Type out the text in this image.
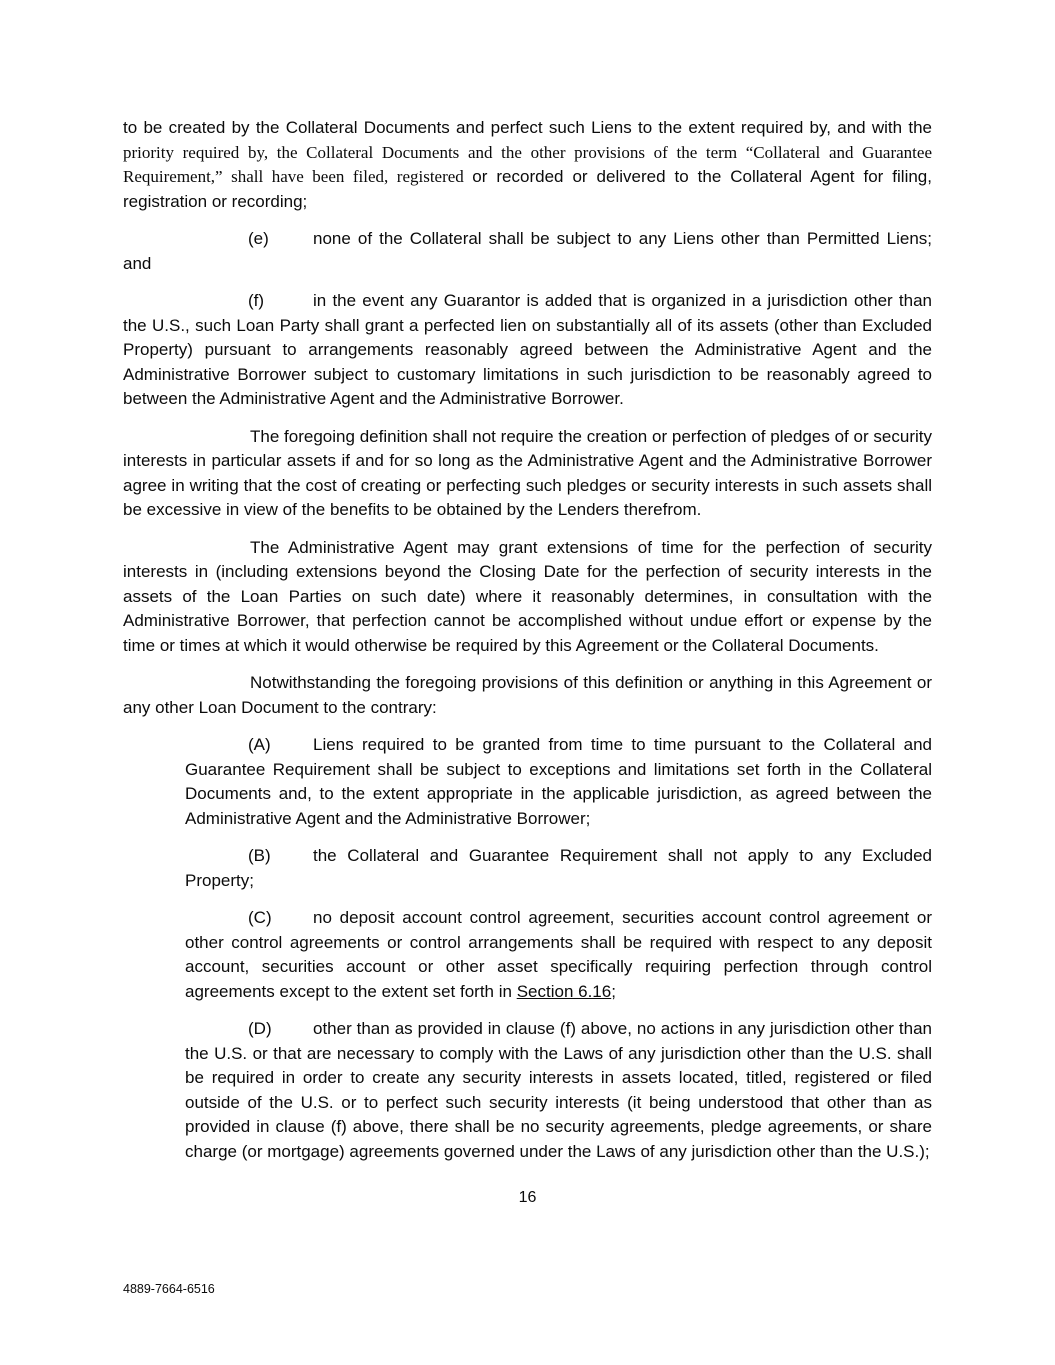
to be created by the Collateral Documents and perfect such Liens to the extent required by, and with the priority required by, the Collateral Documents and the other provisions of the term “Collateral and Guarantee Requirement,” shall have been filed, registered or recorded or delivered to the Collateral Agent for filing, registration or recording;

(e)	none of the Collateral shall be subject to any Liens other than Permitted Liens; and

(f)	in the event any Guarantor is added that is organized in a jurisdiction other than the U.S., such Loan Party shall grant a perfected lien on substantially all of its assets (other than Excluded Property) pursuant to arrangements reasonably agreed between the Administrative Agent and the Administrative Borrower subject to customary limitations in such jurisdiction to be reasonably agreed to between the Administrative Agent and the Administrative Borrower.

The foregoing definition shall not require the creation or perfection of pledges of or security interests in particular assets if and for so long as the Administrative Agent and the Administrative Borrower agree in writing that the cost of creating or perfecting such pledges or security interests in such assets shall be excessive in view of the benefits to be obtained by the Lenders therefrom.

The Administrative Agent may grant extensions of time for the perfection of security interests in (including extensions beyond the Closing Date for the perfection of security interests in the assets of the Loan Parties on such date) where it reasonably determines, in consultation with the Administrative Borrower, that perfection cannot be accomplished without undue effort or expense by the time or times at which it would otherwise be required by this Agreement or the Collateral Documents.

Notwithstanding the foregoing provisions of this definition or anything in this Agreement or any other Loan Document to the contrary:

(A) Liens required to be granted from time to time pursuant to the Collateral and Guarantee Requirement shall be subject to exceptions and limitations set forth in the Collateral Documents and, to the extent appropriate in the applicable jurisdiction, as agreed between the Administrative Agent and the Administrative Borrower;

(B) the Collateral and Guarantee Requirement shall not apply to any Excluded Property;

(C) no deposit account control agreement, securities account control agreement or other control agreements or control arrangements shall be required with respect to any deposit account, securities account or other asset specifically requiring perfection through control agreements except to the extent set forth in Section 6.16;

(D) other than as provided in clause (f) above, no actions in any jurisdiction other than the U.S. or that are necessary to comply with the Laws of any jurisdiction other than the U.S. shall be required in order to create any security interests in assets located, titled, registered or filed outside of the U.S. or to perfect such security interests (it being understood that other than as provided in clause (f) above, there shall be no security agreements, pledge agreements, or share charge (or mortgage) agreements governed under the Laws of any jurisdiction other than the U.S.);

16
4889-7664-6516
